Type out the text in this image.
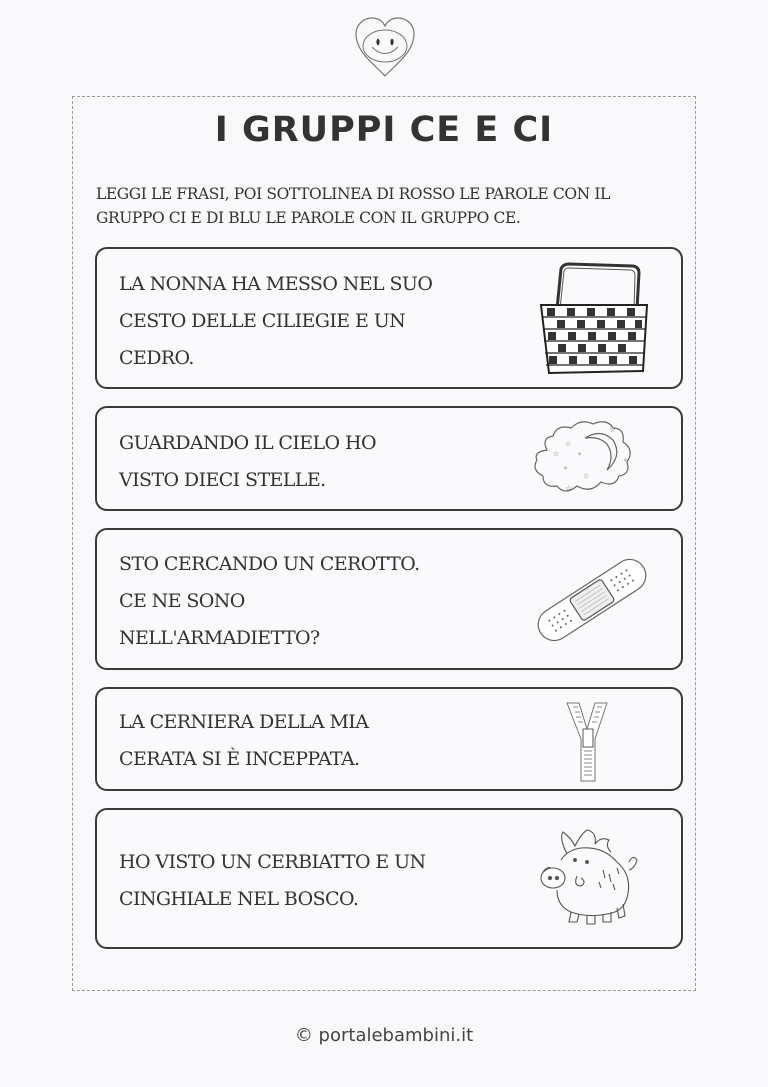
I GRUPPI CE E CI
LEGGI LE FRASI, POI SOTTOLINEA DI ROSSO LE PAROLE CON IL
GRUPPO CI E DI BLU LE PAROLE CON IL GRUPPO CE.
LA NONNA HA MESSO NEL SUO
CESTO DELLE CILIEGIE E UN
CEDRO.
GUARDANDO IL CIELO HO
VISTO DIECI STELLE.
☆
☆
☆	✧
✧
☆
☆
✧
STO CERCANDO UN CEROTTO.
CE NE SONO
NELL'ARMADIETTO?
LA CERNIERA DELLA MIA
CERATA SI È INCEPPATA.
HO VISTO UN CERBIATTO E UN
CINGHIALE NEL BOSCO.
© portalebambini.it
